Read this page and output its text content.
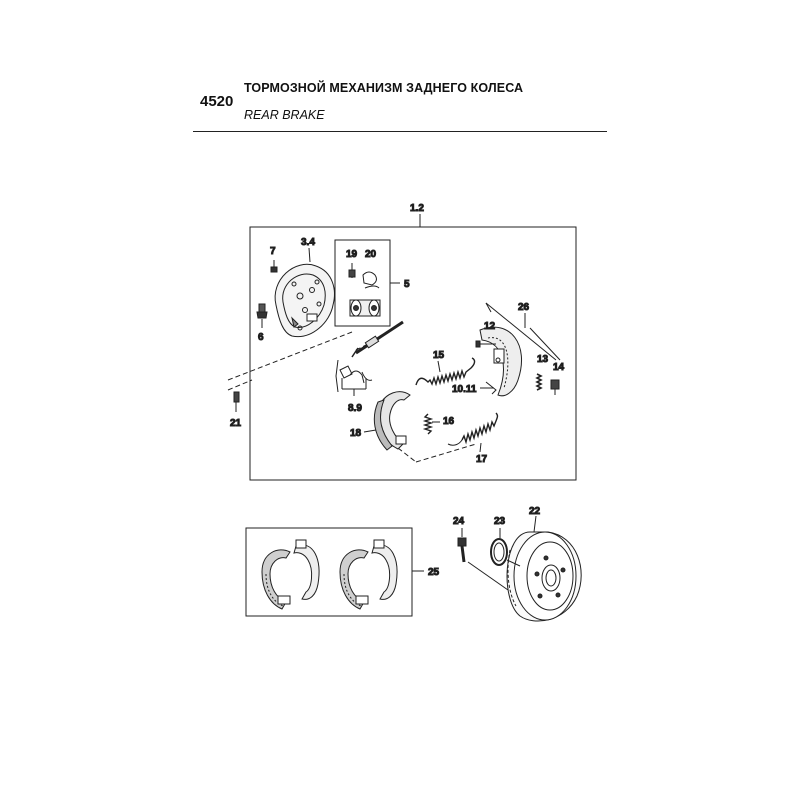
4520
ТОРМОЗНОЙ МЕХАНИЗМ ЗАДНЕГО КОЛЕСА
REAR BRAKE
1.2
3.4
7
6
19 20
5
8.9
21
10.11
12
26
13
14
15
16
17
18
25
24	23
22
